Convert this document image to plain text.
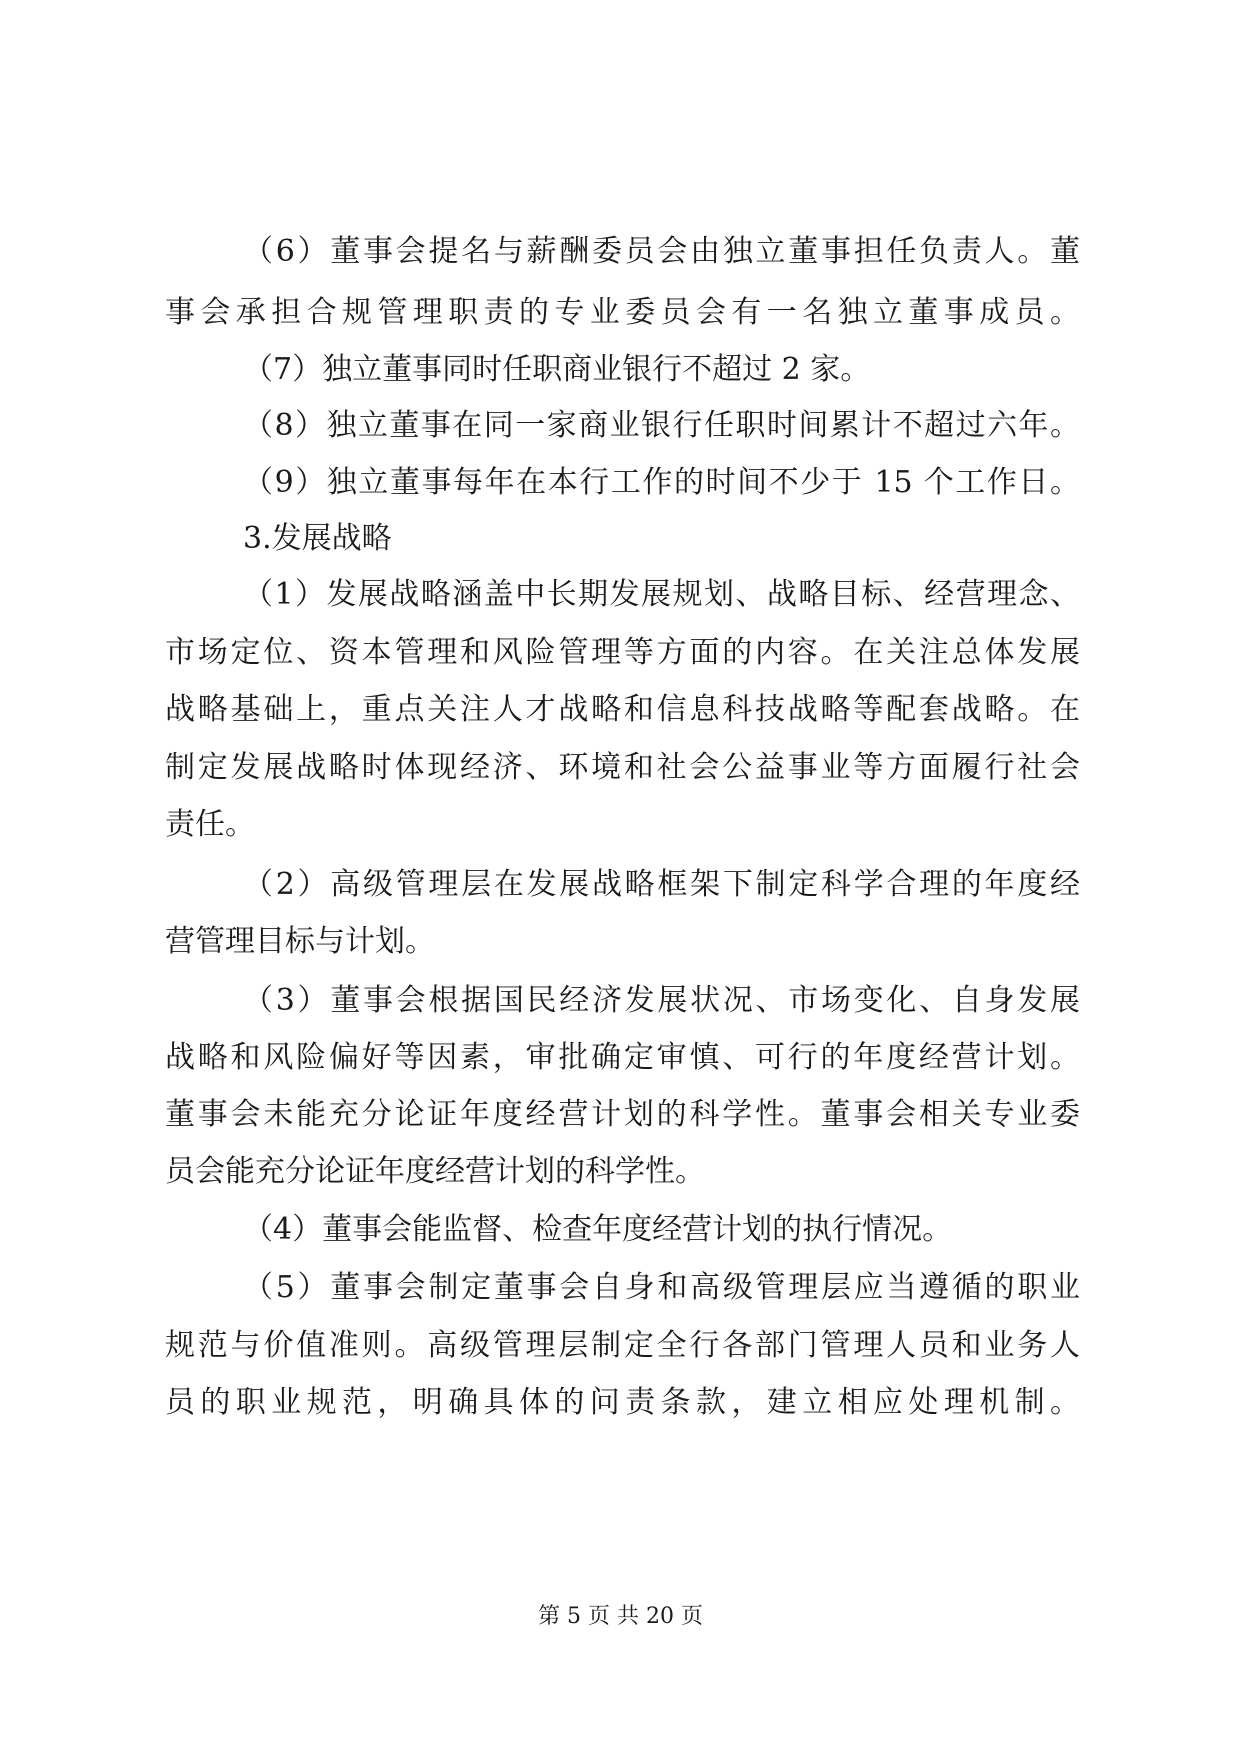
（6）董事会提名与薪酬委员会由独立董事担任负责人。董
事会承担合规管理职责的专业委员会有一名独立董事成员。
（7）独立董事同时任职商业银行不超过 2 家。
（8）独立董事在同一家商业银行任职时间累计不超过六年。
（9）独立董事每年在本行工作的时间不少于 15 个工作日。
3.发展战略
（1）发展战略涵盖中长期发展规划、战略目标、经营理念、
市场定位、资本管理和风险管理等方面的内容。在关注总体发展
战略基础上，重点关注人才战略和信息科技战略等配套战略。在
制定发展战略时体现经济、环境和社会公益事业等方面履行社会
责任。
（2）高级管理层在发展战略框架下制定科学合理的年度经
营管理目标与计划。
（3）董事会根据国民经济发展状况、市场变化、自身发展
战略和风险偏好等因素，审批确定审慎、可行的年度经营计划。
董事会未能充分论证年度经营计划的科学性。董事会相关专业委
员会能充分论证年度经营计划的科学性。
（4）董事会能监督、检查年度经营计划的执行情况。
（5）董事会制定董事会自身和高级管理层应当遵循的职业
规范与价值准则。高级管理层制定全行各部门管理人员和业务人
员的职业规范，明确具体的问责条款，建立相应处理机制。
第 5 页 共 20 页
